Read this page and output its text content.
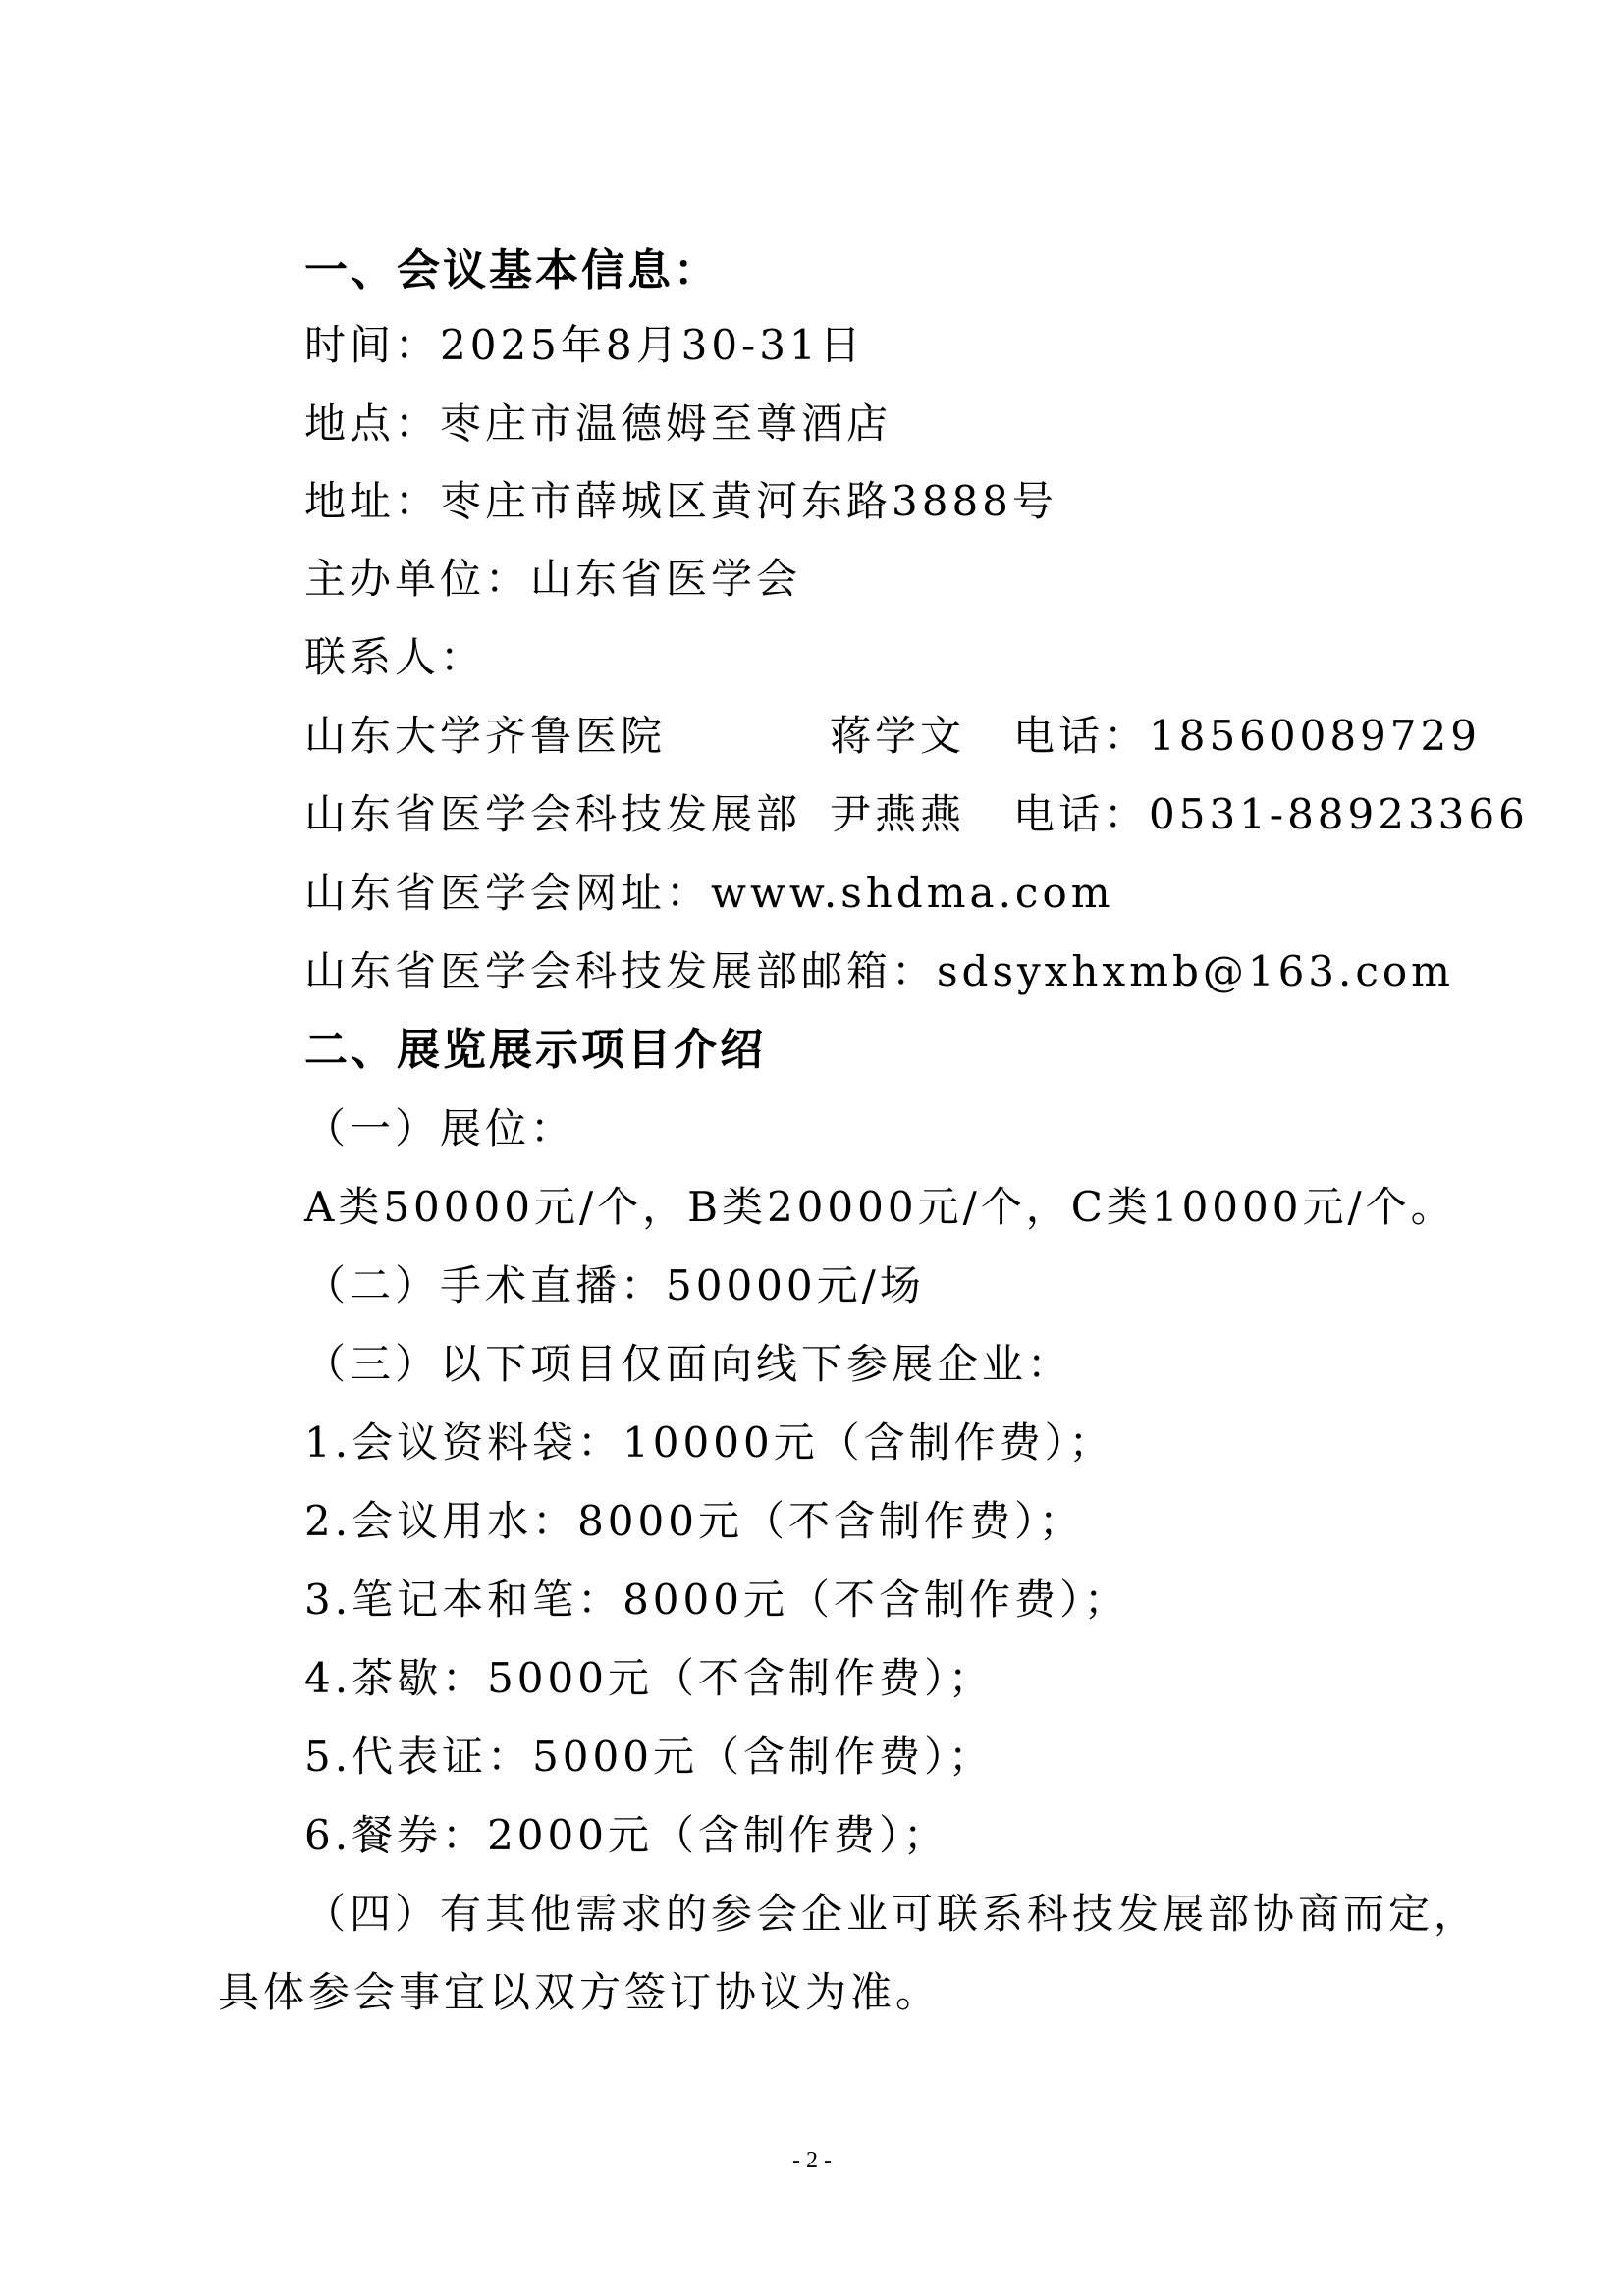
一、会议基本信息：
时间：2025年8月30-31日
地点：枣庄市温德姆至尊酒店
地址：枣庄市薛城区黄河东路3888号
主办单位：山东省医学会
联系人：
山东大学齐鲁医院	蒋学文 电话：18560089729
山东省医学会科技发展部 尹燕燕 电话：0531-88923366
山东省医学会网址：www.shdma.com
山东省医学会科技发展部邮箱：sdsyxhxmb@163.com
二、展览展示项目介绍
（一）展位：
A类50000元/个，B类20000元/个，C类10000元/个。
（二）手术直播：50000元/场
（三）以下项目仅面向线下参展企业：
1.会议资料袋：10000元（含制作费）；
2.会议用水：8000元（不含制作费）；
3.笔记本和笔：8000元（不含制作费）；
4.茶歇：5000元（不含制作费）；
5.代表证：5000元（含制作费）；
6.餐券：2000元（含制作费）；
（四）有其他需求的参会企业可联系科技发展部协商而定，
具体参会事宜以双方签订协议为准。
- 2 -
